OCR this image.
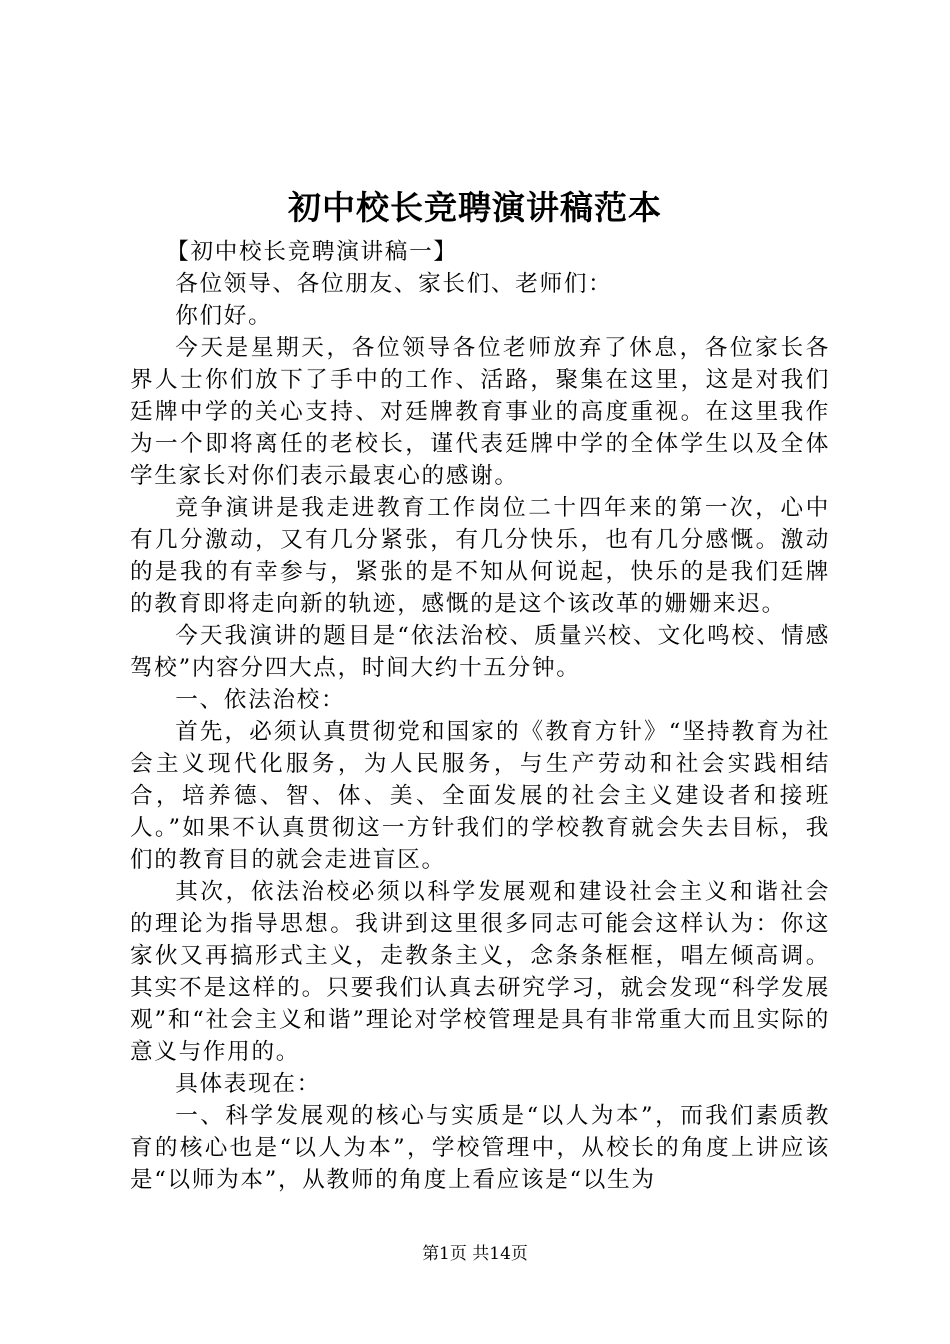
初中校长竞聘演讲稿范本

【初中校长竞聘演讲稿一】

各位领导、各位朋友、家长们、老师们：

你们好。

今天是星期天，各位领导各位老师放弃了休息，各位家长各界人士你们放下了手中的工作、活路，聚集在这里，这是对我们廷牌中学的关心支持、对廷牌教育事业的高度重视。在这里我作为一个即将离任的老校长，谨代表廷牌中学的全体学生以及全体学生家长对你们表示最衷心的感谢。

竞争演讲是我走进教育工作岗位二十四年来的第一次，心中有几分激动，又有几分紧张，有几分快乐，也有几分感慨。激动的是我的有幸参与，紧张的是不知从何说起，快乐的是我们廷牌的教育即将走向新的轨迹，感慨的是这个该改革的姗姗来迟。

今天我演讲的题目是“依法治校、质量兴校、文化鸣校、情感驾校”内容分四大点，时间大约十五分钟。

一、依法治校：

首先，必须认真贯彻党和国家的《教育方针》“坚持教育为社会主义现代化服务，为人民服务，与生产劳动和社会实践相结合，培养德、智、体、美、全面发展的社会主义建设者和接班人。”如果不认真贯彻这一方针我们的学校教育就会失去目标，我们的教育目的就会走进盲区。

其次，依法治校必须以科学发展观和建设社会主义和谐社会的理论为指导思想。我讲到这里很多同志可能会这样认为：你这家伙又再搞形式主义，走教条主义，念条条框框，唱左倾高调。其实不是这样的。只要我们认真去研究学习，就会发现“科学发展观”和“社会主义和谐”理论对学校管理是具有非常重大而且实际的意义与作用的。

具体表现在：

一、科学发展观的核心与实质是“以人为本”，而我们素质教育的核心也是“以人为本”，学校管理中，从校长的角度上讲应该是“以师为本”，从教师的角度上看应该是“以生为

第1页 共14页
